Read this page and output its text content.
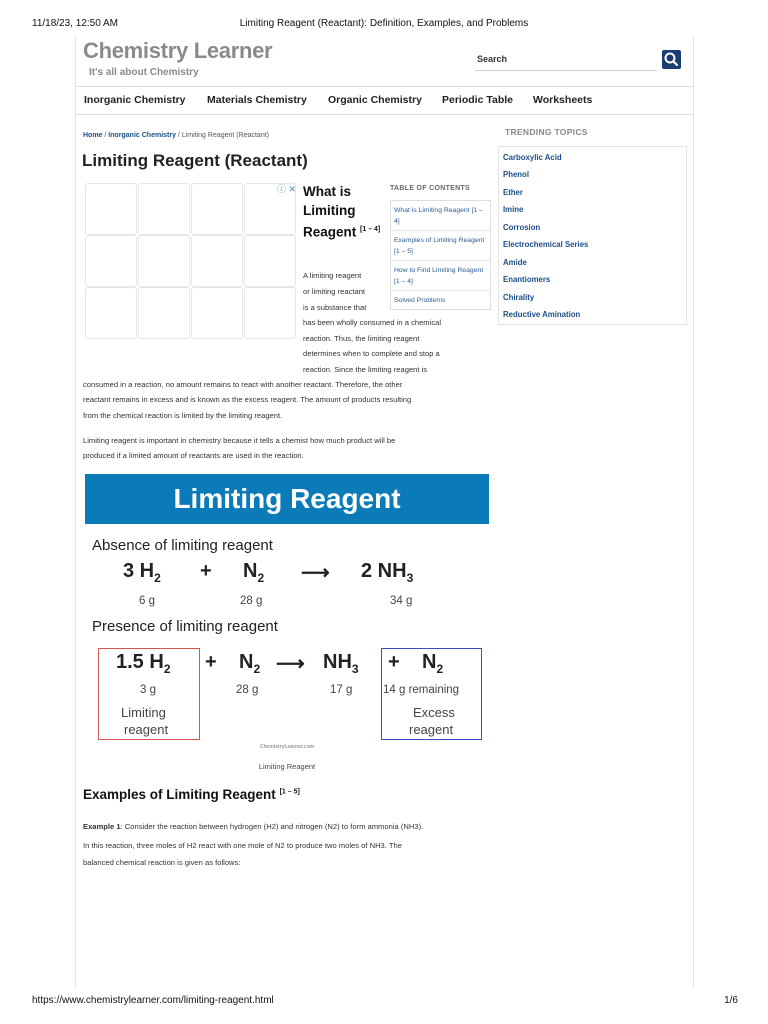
11/18/23, 12:50 AM	Limiting Reagent (Reactant): Definition, Examples, and Problems
Chemistry Learner
It's all about Chemistry
Search
Inorganic Chemistry Materials Chemistry Organic Chemistry Periodic Table Worksheets
Home / Inorganic Chemistry / Limiting Reagent (Reactant)
Limiting Reagent (Reactant)
ⓘ ✕ What is Limiting Reagent [1 – 4]
A limiting reagent
or limiting reactant
is a substance that
has been wholly consumed in a chemical
reaction. Thus, the limiting reagent
determines when to complete and stop a
reaction. Since the limiting reagent is
consumed in a reaction, no amount remains to react with another reactant. Therefore, the other
reactant remains in excess and is known as the excess reagent. The amount of products resulting
from the chemical reaction is limited by the limiting reagent.
Limiting reagent is important in chemistry because it tells a chemist how much product will be
produced if a limited amount of reactants are used in the reaction.
TABLE OF CONTENTS
What is Limiting Reagent [1 – 4]
Examples of Limiting Reagent [1 – 5]
How to Find Limiting Reagent [1 – 4]
Solved Problems
TRENDING TOPICS
Carboxylic Acid
Phenol
Ether
Imine
Corrosion
Electrochemical Series
Amide
Enantiomers
Chirality
Reductive Amination
Limiting Reagent
Absence of limiting reagent
3 $H_2 + N_2$ ⟶ 2 $NH_3$
6 g	28 g	34 g
Presence of limiting reagent
1.5 $H_2 + N_2$ ⟶ $NH_3 + N_2$
3 g	28 g	17 g	14 g remaining
Limiting
reagent
Excess
reagent
ChemistryLearner.com
Limiting Reagent
Examples of Limiting Reagent [1 – 5]
Example 1: Consider the reaction between hydrogen (H2) and nitrogen (N2) to form ammonia (NH3).
In this reaction, three moles of H2 react with one mole of N2 to produce two moles of NH3. The
balanced chemical reaction is given as follows:
https://www.chemistrylearner.com/limiting-reagent.html	1/6
